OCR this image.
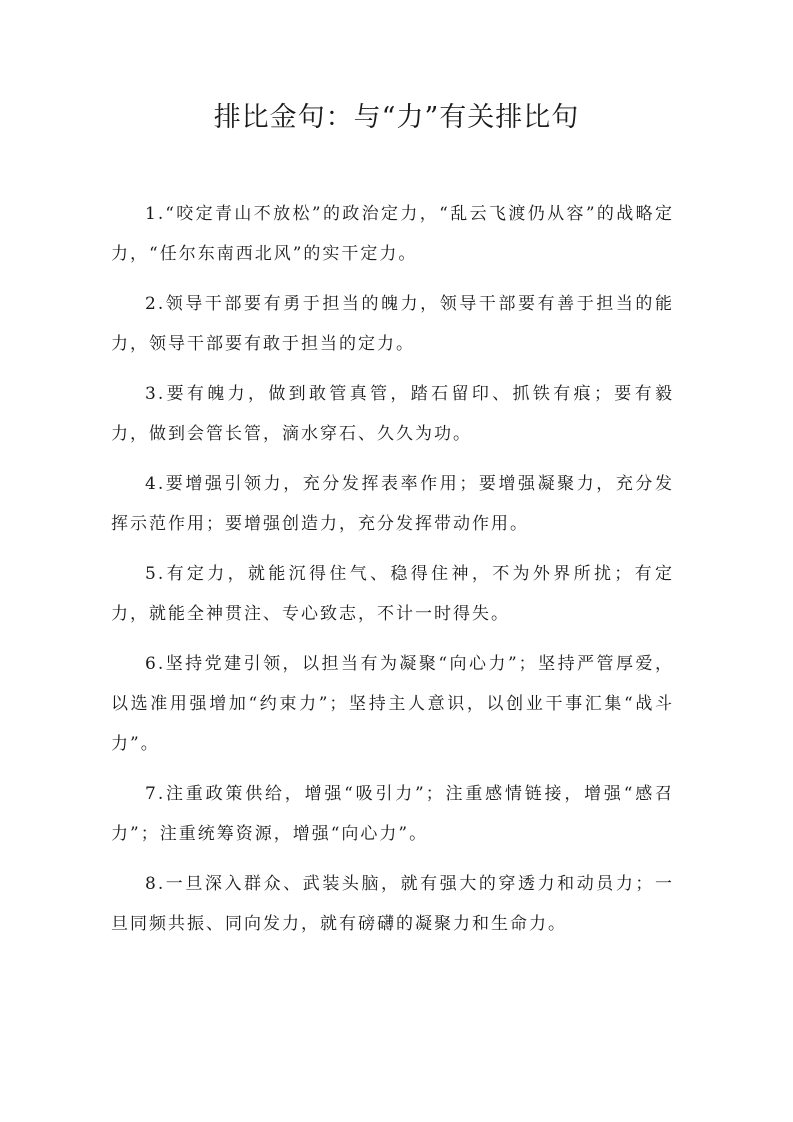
排比金句：与“力”有关排比句

1.“咬定青山不放松”的政治定力，“乱云飞渡仍从容”的战略定力，“任尔东南西北风”的实干定力。

2.领导干部要有勇于担当的魄力，领导干部要有善于担当的能力，领导干部要有敢于担当的定力。

3.要有魄力，做到敢管真管，踏石留印、抓铁有痕；要有毅力，做到会管长管，滴水穿石、久久为功。

4.要增强引领力，充分发挥表率作用；要增强凝聚力，充分发挥示范作用；要增强创造力，充分发挥带动作用。

5.有定力，就能沉得住气、稳得住神，不为外界所扰；有定力，就能全神贯注、专心致志，不计一时得失。

6.坚持党建引领，以担当有为凝聚“向心力”；坚持严管厚爱，以选准用强增加“约束力”；坚持主人意识，以创业干事汇集“战斗力”。

7.注重政策供给，增强“吸引力”；注重感情链接，增强“感召力”；注重统筹资源，增强“向心力”。

8.一旦深入群众、武装头脑，就有强大的穿透力和动员力；一旦同频共振、同向发力，就有磅礴的凝聚力和生命力。
